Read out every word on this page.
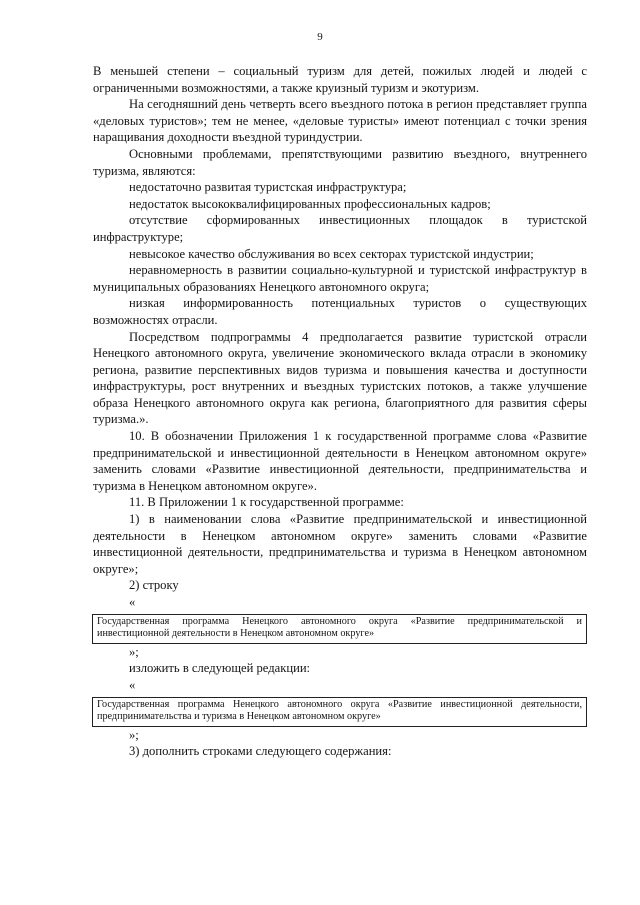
9

В меньшей степени – социальный туризм для детей, пожилых людей и людей с ограниченными возможностями, а также круизный туризм и экотуризм.

На сегодняшний день четверть всего въездного потока в регион представляет группа «деловых туристов»; тем не менее, «деловые туристы» имеют потенциал с точки зрения наращивания доходности въездной туриндустрии.

Основными проблемами, препятствующими развитию въездного, внутреннего туризма, являются:

недостаточно развитая туристская инфраструктура;

недостаток высококвалифицированных профессиональных кадров;

отсутствие сформированных инвестиционных площадок в туристской инфраструктуре;

невысокое качество обслуживания во всех секторах туристской индустрии;

неравномерность в развитии социально-культурной и туристской инфраструктур в муниципальных образованиях Ненецкого автономного округа;

низкая информированность потенциальных туристов о существующих возможностях отрасли.

Посредством подпрограммы 4 предполагается развитие туристской отрасли Ненецкого автономного округа, увеличение экономического вклада отрасли в экономику региона, развитие перспективных видов туризма и повышения качества и доступности инфраструктуры, рост внутренних и въездных туристских потоков, а также улучшение образа Ненецкого автономного округа как региона, благоприятного для развития сферы туризма.».

10. В обозначении Приложения 1 к государственной программе слова «Развитие предпринимательской и инвестиционной деятельности в Ненецком автономном округе» заменить словами «Развитие инвестиционной деятельности, предпринимательства и туризма в Ненецком автономном округе».

11. В Приложении 1 к государственной программе:

1) в наименовании слова «Развитие предпринимательской и инвестиционной деятельности в Ненецком автономном округе» заменить словами «Развитие инвестиционной деятельности, предпринимательства и туризма в Ненецком автономном округе»;

2) строку

«

Государственная программа Ненецкого автономного округа «Развитие предпринимательской и инвестиционной деятельности в Ненецком автономном округе»

»;

изложить в следующей редакции:

«

Государственная программа Ненецкого автономного округа «Развитие инвестиционной деятельности, предпринимательства и туризма в Ненецком автономном округе»

»;

3) дополнить строками следующего содержания:
